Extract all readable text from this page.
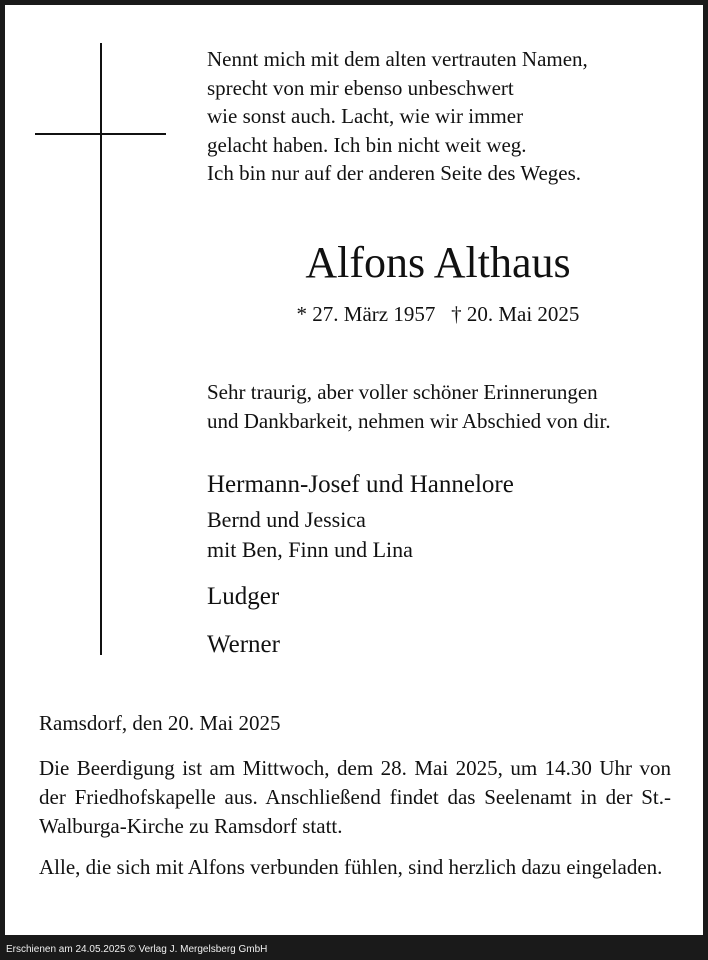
Nennt mich mit dem alten vertrauten Namen,
sprecht von mir ebenso unbeschwert
wie sonst auch. Lacht, wie wir immer
gelacht haben. Ich bin nicht weit weg.
Ich bin nur auf der anderen Seite des Weges.
Alfons Althaus
* 27. März 1957   † 20. Mai 2025
Sehr traurig, aber voller schöner Erinnerungen
und Dankbarkeit, nehmen wir Abschied von dir.
Hermann-Josef und Hannelore
Bernd und Jessica
mit Ben, Finn und Lina
Ludger
Werner
Ramsdorf, den 20. Mai 2025
Die Beerdigung ist am Mittwoch, dem 28. Mai 2025, um 14.30 Uhr von der Friedhofskapelle aus. Anschließend findet das Seelenamt in der St.-Walburga-Kirche zu Ramsdorf statt.
Alle, die sich mit Alfons verbunden fühlen, sind herzlich dazu eingeladen.
Erschienen am 24.05.2025 © Verlag J. Mergelsberg GmbH
